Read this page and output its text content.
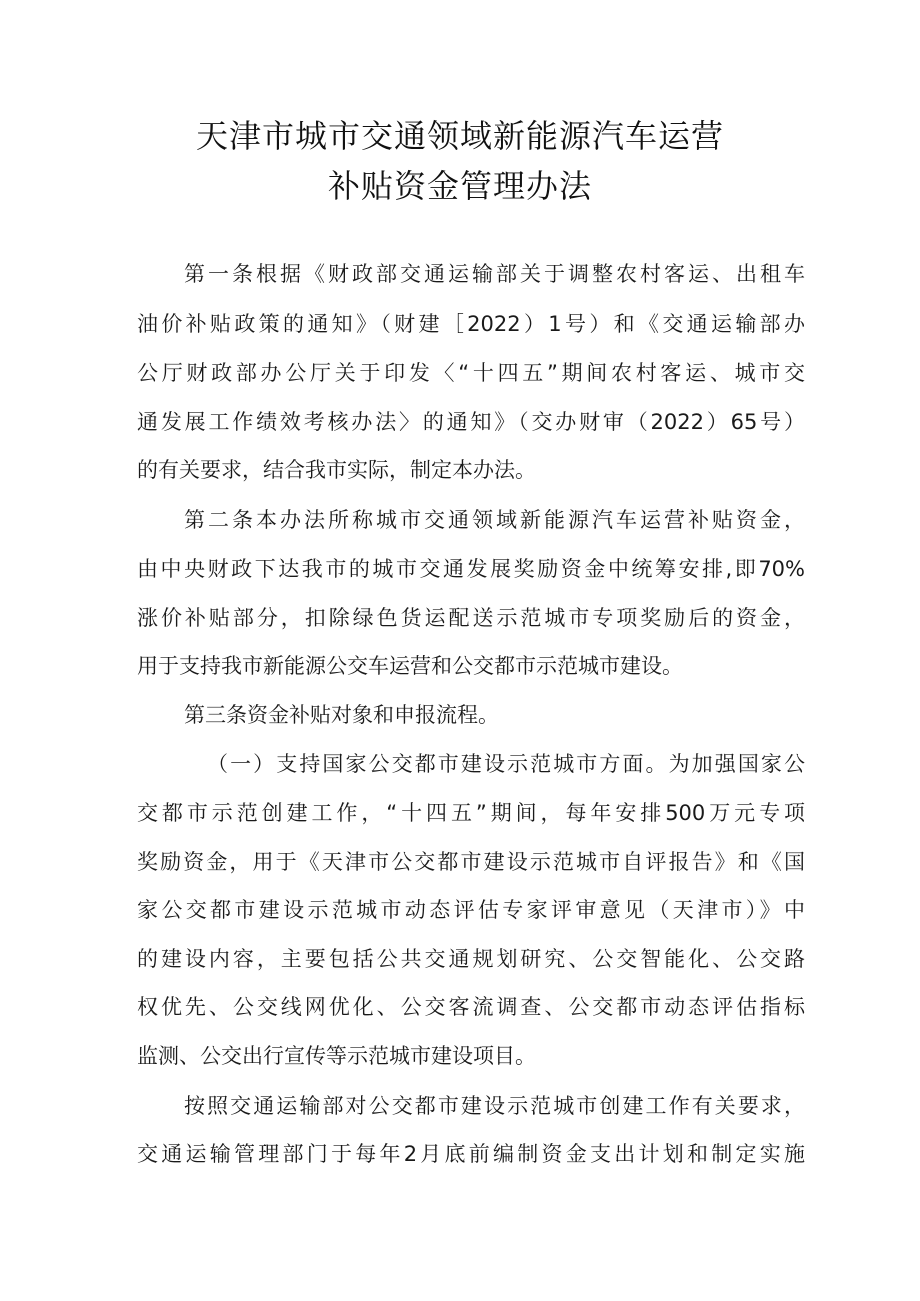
天津市城市交通领域新能源汽车运营
补贴资金管理办法
第一条根据《财政部交通运输部关于调整农村客运、出租车
油价补贴政策的通知》（财建［2022）1号）和《交通运输部办
公厅财政部办公厅关于印发〈“十四五”期间农村客运、城市交
通发展工作绩效考核办法〉的通知》（交办财审（2022）65号）
的有关要求，结合我市实际，制定本办法。
第二条本办法所称城市交通领域新能源汽车运营补贴资金，
由中央财政下达我市的城市交通发展奖励资金中统筹安排,即70%
涨价补贴部分，扣除绿色货运配送示范城市专项奖励后的资金，
用于支持我市新能源公交车运营和公交都市示范城市建设。
第三条资金补贴对象和申报流程。
（一）支持国家公交都市建设示范城市方面。为加强国家公
交都市示范创建工作，“十四五”期间，每年安排500万元专项
奖励资金，用于《天津市公交都市建设示范城市自评报告》和《国
家公交都市建设示范城市动态评估专家评审意见（天津市）》中
的建设内容，主要包括公共交通规划研究、公交智能化、公交路
权优先、公交线网优化、公交客流调查、公交都市动态评估指标
监测、公交出行宣传等示范城市建设项目。
按照交通运输部对公交都市建设示范城市创建工作有关要求，
交通运输管理部门于每年2月底前编制资金支出计划和制定实施
